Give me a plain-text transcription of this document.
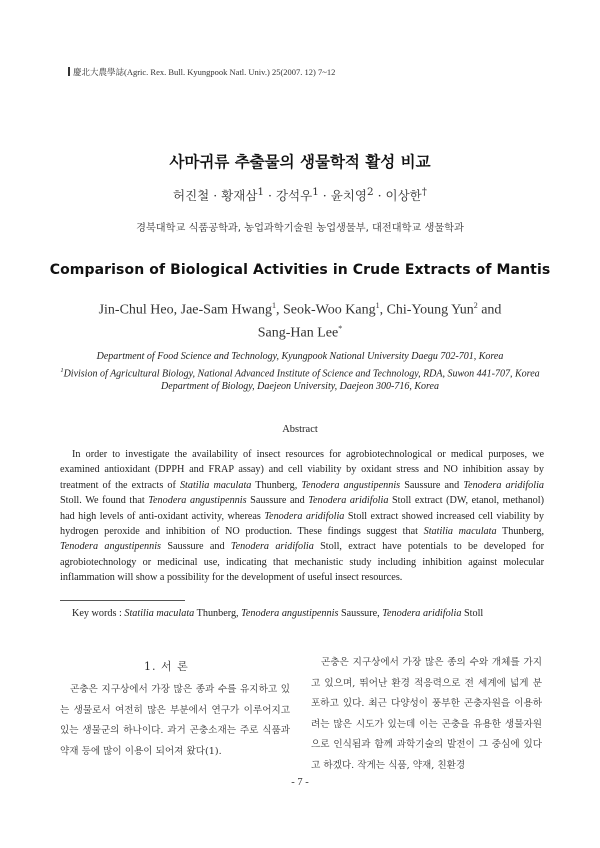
慶北大農學誌(Agric. Rex. Bull. Kyungpook Natl. Univ.) 25(2007. 12) 7~12
사마귀류 추출물의 생물학적 활성 비교
허진철 · 황재삼$^1$ · 강석우$^1$ · 윤치영$^2$ · 이상한†
경북대학교 식품공학과, 농업과학기술원 농업생물부, 대전대학교 생물학과
Comparison of Biological Activities in Crude Extracts of Mantis
Jin-Chul Heo, Jae-Sam Hwang$^1$, Seok-Woo Kang$^1$, Chi-Young Yun$^2$ and
Sang-Han Lee*
Department of Food Science and Technology, Kyungpook National University Daegu 702-701, Korea
$^1$Division of Agricultural Biology, National Advanced Institute of Science and Technology, RDA, Suwon 441-707, Korea
Department of Biology, Daejeon University, Daejeon 300-716, Korea
Abstract
In order to investigate the availability of insect resources for agrobiotechnological or medical purposes, we examined antioxidant (DPPH and FRAP assay) and cell viability by oxidant stress and NO inhibition assay by treatment of the extracts of Statilia maculata Thunberg, Tenodera angustipennis Saussure and Tenodera aridifolia Stoll. We found that Tenodera angustipennis Saussure and Tenodera aridifolia Stoll extract (DW, etanol, methanol) had high levels of anti-oxidant activity, whereas Tenodera aridifolia Stoll extract showed increased cell viability by hydrogen peroxide and inhibition of NO production. These findings suggest that Statilia maculata Thunberg, Tenodera angustipennis Saussure and Tenodera aridifolia Stoll, extract have potentials to be developed for agrobiotechnology or medicinal use, indicating that mechanistic study including inhibition against molecular inflammation will show a possibility for the development of useful insect resources.
Key words : Statilia maculata Thunberg, Tenodera angustipennis Saussure, Tenodera aridifolia Stoll
1. 서 론
곤충은 지구상에서 가장 많은 종과 수를 유지하고 있는 생물로서 여전히 많은 부분에서 연구가 이루어지고 있는 생물군의 하나이다. 과거 곤충소재는 주로 식품과 약재 등에 많이 이용이 되어져 왔다(1).
곤충은 지구상에서 가장 많은 종의 수와 개체를 가지고 있으며, 뛰어난 환경 적응력으로 전 세계에 넓게 분포하고 있다. 최근 다양성이 풍부한 곤충자원을 이용하려는 많은 시도가 있는데 이는 곤충을 유용한 생물자원으로 인식됨과 함께 과학기술의 발전이 그 중심에 있다고 하겠다. 작게는 식품, 약재, 친환경
- 7 -
